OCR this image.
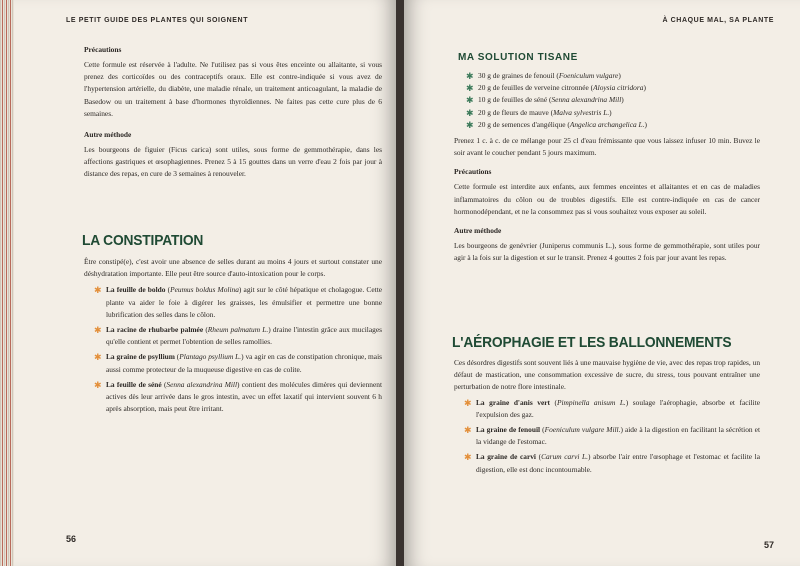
LE PETIT GUIDE DES PLANTES QUI SOIGNENT

Précautions

Cette formule est réservée à l'adulte. Ne l'utilisez pas si vous êtes enceinte ou allaitante, si vous prenez des corticoïdes ou des contraceptifs oraux. Elle est contre-indiquée si vous avez de l'hypertension artérielle, du diabète, une maladie rénale, un traitement anticoagulant, la maladie de Basedow ou un traitement à base d'hormones thyroïdiennes. Ne faites pas cette cure plus de 6 semaines.

Autre méthode

Les bourgeons de figuier (Ficus carica) sont utiles, sous forme de gemmothérapie, dans les affections gastriques et œsophagiennes. Prenez 5 à 15 gouttes dans un verre d'eau 2 fois par jour à distance des repas, en cure de 3 semaines à renouveler.

LA CONSTIPATION

Être constipé(e), c'est avoir une absence de selles durant au moins 4 jours et surtout constater une déshydratation importante. Elle peut être source d'auto-intoxication pour le corps.

✱ La feuille de boldo (Peumus boldus Molina) agit sur le côté hépatique et cholagogue. Cette plante va aider le foie à digérer les graisses, les émulsifier et permettre une bonne lubrification des selles dans le côlon.

✱ La racine de rhubarbe palmée (Rheum palmatum L.) draine l'intestin grâce aux mucilages qu'elle contient et permet l'obtention de selles ramollies.

✱ La graine de psyllium (Plantago psyllium L.) va agir en cas de constipation chronique, mais aussi comme protecteur de la muqueuse digestive en cas de colite.

✱ La feuille de séné (Senna alexandrina Mill) contient des molécules dimères qui deviennent actives dès leur arrivée dans le gros intestin, avec un effet laxatif qui intervient souvent 6 h après absorption, mais peut être irritant.

56
À CHAQUE MAL, SA PLANTE
MA SOLUTION TISANE

✱ 30 g de graines de fenouil (Foeniculum vulgare)

✱ 20 g de feuilles de verveine citronnée (Aloysia citridora)

✱ 10 g de feuilles de séné (Senna alexandrina Mill)

✱ 20 g de fleurs de mauve (Malva sylvestris L.)

✱ 20 g de semences d'angélique (Angelica archangelica L.)

Prenez 1 c. à c. de ce mélange pour 25 cl d'eau frémissante que vous laissez infuser 10 min. Buvez le soir avant le coucher pendant 5 jours maximum.

Précautions

Cette formule est interdite aux enfants, aux femmes enceintes et allaitantes et en cas de maladies inflammatoires du côlon ou de troubles digestifs. Elle est contre-indiquée en cas de cancer hormonodépendant, et ne la consommez pas si vous souhaitez vous exposer au soleil.

Autre méthode

Les bourgeons de genévrier (Juniperus communis L.), sous forme de gemmothérapie, sont utiles pour agir à la fois sur la digestion et sur le transit. Prenez 4 gouttes 2 fois par jour avant les repas.

L'AÉROPHAGIE ET LES BALLONNEMENTS

Ces désordres digestifs sont souvent liés à une mauvaise hygiène de vie, avec des repas trop rapides, un défaut de mastication, une consommation excessive de sucre, du stress, tous pouvant entraîner une perturbation de notre flore intestinale.

✱ La graine d'anis vert (Pimpinella anisum L.) soulage l'aérophagie, absorbe et facilite l'expulsion des gaz.

✱ La graine de fenouil (Foeniculum vulgare Mill.) aide à la digestion en facilitant la sécrétion et la vidange de l'estomac.

✱ La graine de carvi (Carum carvi L.) absorbe l'air entre l'œsophage et l'estomac et facilite la digestion, elle est donc incontournable.

57
